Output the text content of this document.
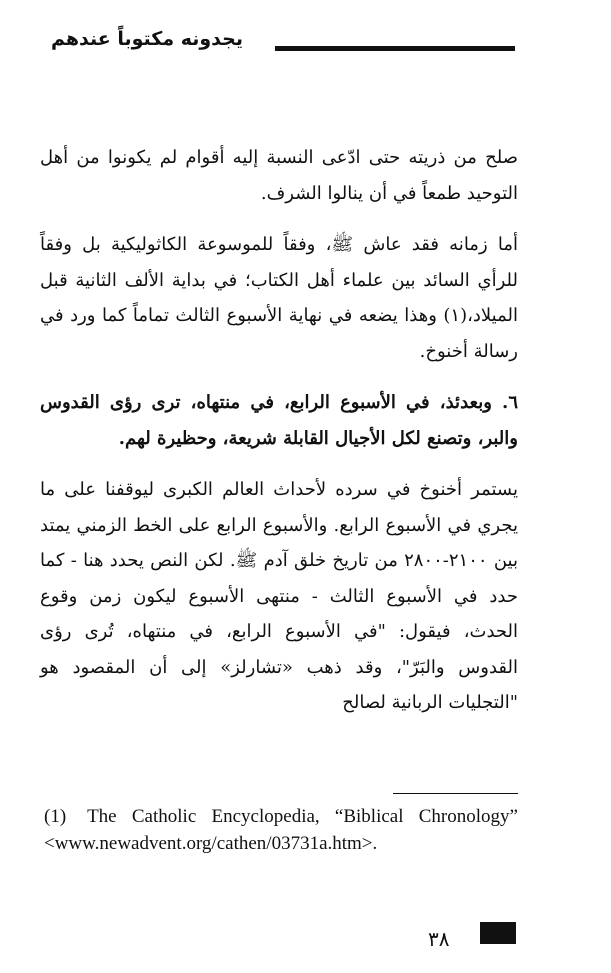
يجدونه مكتوباً عندهم

صلح من ذريته حتى ادّعى النسبة إليه أقوام لم يكونوا من أهل التوحيد طمعاً في أن ينالوا الشرف.

أما زمانه فقد عاش ﷺ، وفقاً للموسوعة الكاثوليكية بل وفقاً للرأي السائد بين علماء أهل الكتاب؛ في بداية الألف الثانية قبل الميلاد،(١) وهذا يضعه في نهاية الأسبوع الثالث تماماً كما ورد في رسالة أخنوخ.

٦. وبعدئذ، في الأسبوع الرابع، في منتهاه، ترى رؤى القدوس والبر، وتصنع لكل الأجيال القابلة شريعة، وحظيرة لهم.

يستمر أخنوخ في سرده لأحداث العالم الكبرى ليوقفنا على ما يجري في الأسبوع الرابع. والأسبوع الرابع على الخط الزمني يمتد بين ٢١٠٠-٢٨٠٠ من تاريخ خلق آدم ﷺ. لكن النص يحدد هنا - كما حدد في الأسبوع الثالث - منتهى الأسبوع ليكون زمن وقوع الحدث، فيقول: "في الأسبوع الرابع، في منتهاه، تُرى رؤى القدوس والبَرّ"، وقد ذهب «تشارلز» إلى أن المقصود هو "التجليات الربانية لصالح

(1) The Catholic Encyclopedia, “Biblical Chronology” <www.newadvent.org/cathen/03731a.htm>.
٣٨
